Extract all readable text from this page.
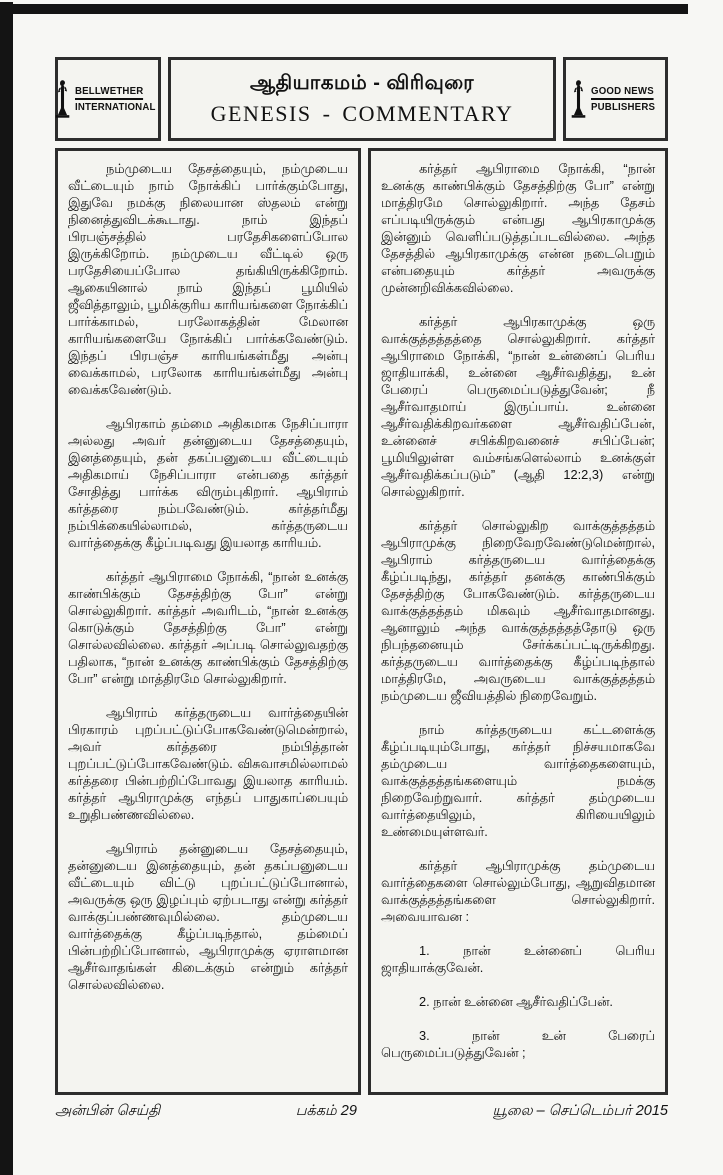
BELLWETHER
INTERNATIONAL
ஆதியாகமம் - விரிவுரை
GENESIS - COMMENTARY
GOOD NEWS
PUBLISHERS

நம்முடைய தேசத்தையும், நம்முடைய வீட்டையும் நாம் நோக்கிப் பார்க்கும்போது, இதுவே நமக்கு நிலையான ஸ்தலம் என்று நினைத்துவிடக்கூடாது. நாம் இந்தப் பிரபஞ்சத்தில் பரதேசிகளைப்போல இருக்கிறோம். நம்முடைய வீட்டில் ஒரு பரதேசியைப்போல தங்கியிருக்கிறோம். ஆகையினால் நாம் இந்தப் பூமியில் ஜீவித்தாலும், பூமிக்குரிய காரியங்களை நோக்கிப் பார்க்காமல், பரலோகத்தின் மேலான காரியங்களையே நோக்கிப் பார்க்கவேண்டும். இந்தப் பிரபஞ்ச காரியங்கள்மீது அன்பு வைக்காமல், பரலோக காரியங்கள்மீது அன்பு வைக்கவேண்டும்.

ஆபிரகாம் தம்மை அதிகமாக நேசிப்பாரா அல்லது அவர் தன்னுடைய தேசத்தையும், இனத்தையும், தன் தகப்பனுடைய வீட்டையும் அதிகமாய் நேசிப்பாரா என்பதை கர்த்தர் சோதித்து பார்க்க விரும்புகிறார். ஆபிராம் கர்த்தரை நம்பவேண்டும். கர்த்தர்மீது நம்பிக்கையில்லாமல், கர்த்தருடைய வார்த்தைக்கு கீழ்ப்படிவது இயலாத காரியம்.

கர்த்தர் ஆபிராமை நோக்கி, “நான் உனக்கு காண்பிக்கும் தேசத்திற்கு போ” என்று சொல்லுகிறார். கர்த்தர் அவரிடம், “நான் உனக்கு கொடுக்கும் தேசத்திற்கு போ” என்று சொல்லவில்லை. கர்த்தர் அப்படி சொல்லுவதற்கு பதிலாக, “நான் உனக்கு காண்பிக்கும் தேசத்திற்கு போ” என்று மாத்திரமே சொல்லுகிறார்.

ஆபிராம் கர்த்தருடைய வார்த்தையின் பிரகாரம் புறப்பட்டுப்போகவேண்டுமென்றால், அவர் கர்த்தரை நம்பித்தான் புறப்பட்டுப்போகவேண்டும். விசுவாசமில்லாமல் கர்த்தரை பின்பற்றிப்போவது இயலாத காரியம். கர்த்தர் ஆபிராமுக்கு எந்தப் பாதுகாப்பையும் உறுதிபண்ணவில்லை.

ஆபிராம் தன்னுடைய தேசத்தையும், தன்னுடைய இனத்தையும், தன் தகப்பனுடைய வீட்டையும் விட்டு புறப்பட்டுப்போனால், அவருக்கு ஒரு இழப்பும் ஏற்படாது என்று கர்த்தர் வாக்குப்பண்ணவுமில்லை. தம்முடைய வார்த்தைக்கு கீழ்ப்படிந்தால், தம்மைப் பின்பற்றிப்போனால், ஆபிராமுக்கு ஏராளமான ஆசீர்வாதங்கள் கிடைக்கும் என்றும் கர்த்தர் சொல்லவில்லை.

கர்த்தர் ஆபிராமை நோக்கி, “நான் உனக்கு காண்பிக்கும் தேசத்திற்கு போ” என்று மாத்திரமே சொல்லுகிறார். அந்த தேசம் எப்படியிருக்கும் என்பது ஆபிரகாமுக்கு இன்னும் வெளிப்படுத்தப்படவில்லை. அந்த தேசத்தில் ஆபிரகாமுக்கு என்ன நடைபெறும் என்பதையும் கர்த்தர் அவருக்கு முன்னறிவிக்கவில்லை.

கர்த்தர் ஆபிரகாமுக்கு ஒரு வாக்குத்தத்தத்தை சொல்லுகிறார். கர்த்தர் ஆபிராமை நோக்கி, “நான் உன்னைப் பெரிய ஜாதியாக்கி, உன்னை ஆசீர்வதித்து, உன் பேரைப் பெருமைப்படுத்துவேன்; நீ ஆசீர்வாதமாய் இருப்பாய். உன்னை ஆசீர்வதிக்கிறவர்களை ஆசீர்வதிப்பேன், உன்னைச் சபிக்கிறவனைச் சபிப்பேன்; பூமியிலுள்ள வம்சங்களெல்லாம் உனக்குள் ஆசீர்வதிக்கப்படும்” (ஆதி 12:2,3) என்று சொல்லுகிறார்.

கர்த்தர் சொல்லுகிற வாக்குத்தத்தம் ஆபிராமுக்கு நிறைவேறவேண்டுமென்றால், ஆபிராம் கர்த்தருடைய வார்த்தைக்கு கீழ்ப்படிந்து, கர்த்தர் தனக்கு காண்பிக்கும் தேசத்திற்கு போகவேண்டும். கர்த்தருடைய வாக்குத்தத்தம் மிகவும் ஆசீர்வாதமானது. ஆனாலும் அந்த வாக்குத்தத்தத்தோடு ஒரு நிபந்தனையும் சேர்க்கப்பட்டிருக்கிறது. கர்த்தருடைய வார்த்தைக்கு கீழ்ப்படிந்தால் மாத்திரமே, அவருடைய வாக்குத்தத்தம் நம்முடைய ஜீவியத்தில் நிறைவேறும்.

நாம் கர்த்தருடைய கட்டளைக்கு கீழ்ப்படியும்போது, கர்த்தர் நிச்சயமாகவே தம்முடைய வார்த்தைகளையும், வாக்குத்தத்தங்களையும் நமக்கு நிறைவேற்றுவார். கர்த்தர் தம்முடைய வார்த்தையிலும், கிரியையிலும் உண்மையுள்ளவர்.

கர்த்தர் ஆபிராமுக்கு தம்முடைய வார்த்தைகளை சொல்லும்போது, ஆறுவிதமான வாக்குத்தத்தங்களை சொல்லுகிறார். அவையாவன :

1. நான் உன்னைப் பெரிய ஜாதியாக்குவேன்.

2. நான் உன்னை ஆசீர்வதிப்பேன்.

3. நான் உன் பேரைப் பெருமைப்படுத்துவேன் ;

அன்பின் செய்தி	பக்கம் 29	யூலை – செப்டெம்பர் 2015
